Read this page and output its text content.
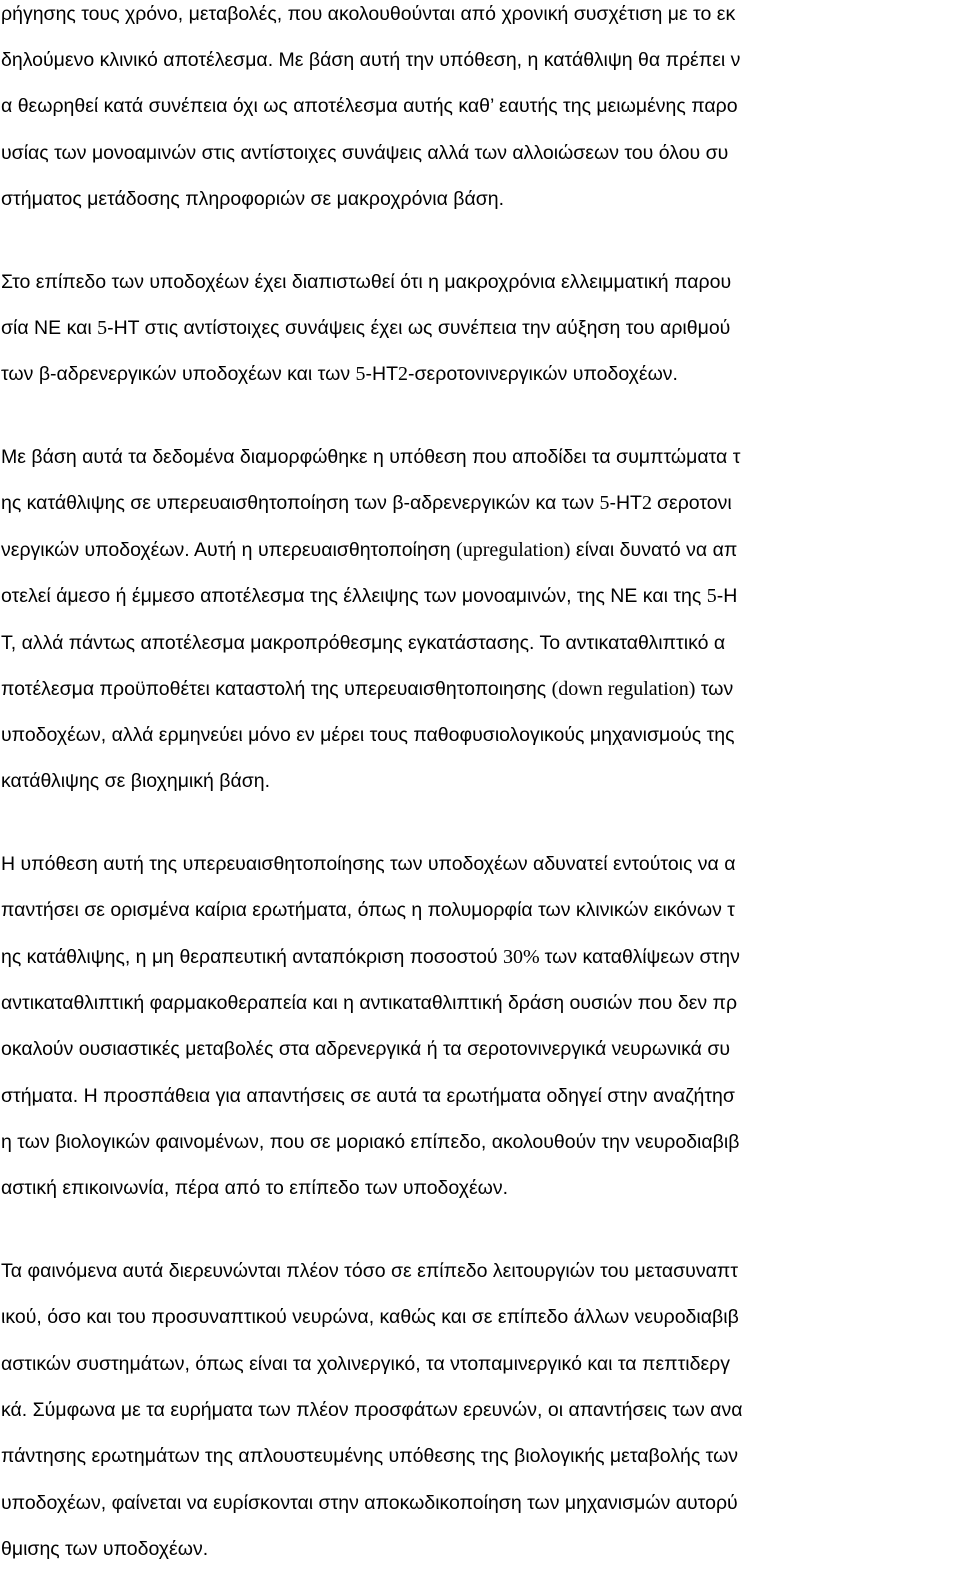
ρήγησης τους χρόνο, μεταβολές, που ακολουθούνται από χρονική συσχέτιση με το εκ
δηλούμενο κλινικό αποτέλεσμα. Με βάση αυτή την υπόθεση, η κατάθλιψη θα πρέπει ν
α θεωρηθεί κατά συνέπεια όχι ως αποτέλεσμα αυτής καθ’ εαυτής της μειωμένης παρο
υσίας των μονοαμινών στις αντίστοιχες συνάψεις αλλά των αλλοιώσεων του όλου συ
στήματος μετάδοσης πληροφοριών σε μακροχρόνια βάση.
Στο επίπεδο των υποδοχέων έχει διαπιστωθεί ότι η μακροχρόνια ελλειμματική παρου
σία ΝΕ και 5-ΗΤ στις αντίστοιχες συνάψεις έχει ως συνέπεια την αύξηση του αριθμού
των β-αδρενεργικών υποδοχέων και των 5-ΗΤ2-σεροτονινεργικών υποδοχέων.
Με βάση αυτά τα δεδομένα διαμορφώθηκε η υπόθεση που αποδίδει τα συμπτώματα τ
ης κατάθλιψης σε υπερευαισθητοποίηση των β-αδρενεργικών κα των 5-ΗΤ2 σεροτονι
νεργικών υποδοχέων. Αυτή η υπερευαισθητοποίηση (upregulation) είναι δυνατό να απ
οτελεί άμεσο ή έμμεσο αποτέλεσμα της έλλειψης των μονοαμινών, της ΝΕ και της 5-Η
Τ, αλλά πάντως αποτέλεσμα μακροπρόθεσμης εγκατάστασης. Το αντικαταθλιπτικό α
ποτέλεσμα προϋποθέτει καταστολή της υπερευαισθητοποιησης (down regulation) των
υποδοχέων, αλλά ερμηνεύει μόνο εν μέρει τους παθοφυσιολογικούς μηχανισμούς της
κατάθλιψης σε βιοχημική βάση.
Η υπόθεση αυτή της υπερευαισθητοποίησης των υποδοχέων αδυνατεί εντούτοις να α
παντήσει σε ορισμένα καίρια ερωτήματα, όπως η πολυμορφία των κλινικών εικόνων τ
ης κατάθλιψης, η μη θεραπευτική ανταπόκριση ποσοστού 30% των καταθλίψεων στην
αντικαταθλιπτική φαρμακοθεραπεία και η αντικαταθλιπτική δράση ουσιών που δεν πρ
οκαλούν ουσιαστικές μεταβολές στα αδρενεργικά ή τα σεροτονινεργικά νευρωνικά συ
στήματα. Η προσπάθεια για απαντήσεις σε αυτά τα ερωτήματα οδηγεί στην αναζήτησ
η των βιολογικών φαινομένων, που σε μοριακό επίπεδο, ακολουθούν την νευροδιαβιβ
αστική επικοινωνία, πέρα από το επίπεδο των υποδοχέων.
Τα φαινόμενα αυτά διερευνώνται πλέον τόσο σε επίπεδο λειτουργιών του μετασυναπτ
ικού, όσο και του προσυναπτικού νευρώνα, καθώς και σε επίπεδο άλλων νευροδιαβιβ
αστικών συστημάτων, όπως είναι τα χολινεργικό, τα ντοπαμινεργικό και τα πεπτιδεργ
κά. Σύμφωνα με τα ευρήματα των πλέον προσφάτων ερευνών, οι απαντήσεις των ανα
πάντησης ερωτημάτων της απλουστευμένης υπόθεσης της βιολογικής μεταβολής των
υποδοχέων, φαίνεται να ευρίσκονται στην αποκωδικοποίηση των μηχανισμών αυτορύ
θμισης των υποδοχέων.
